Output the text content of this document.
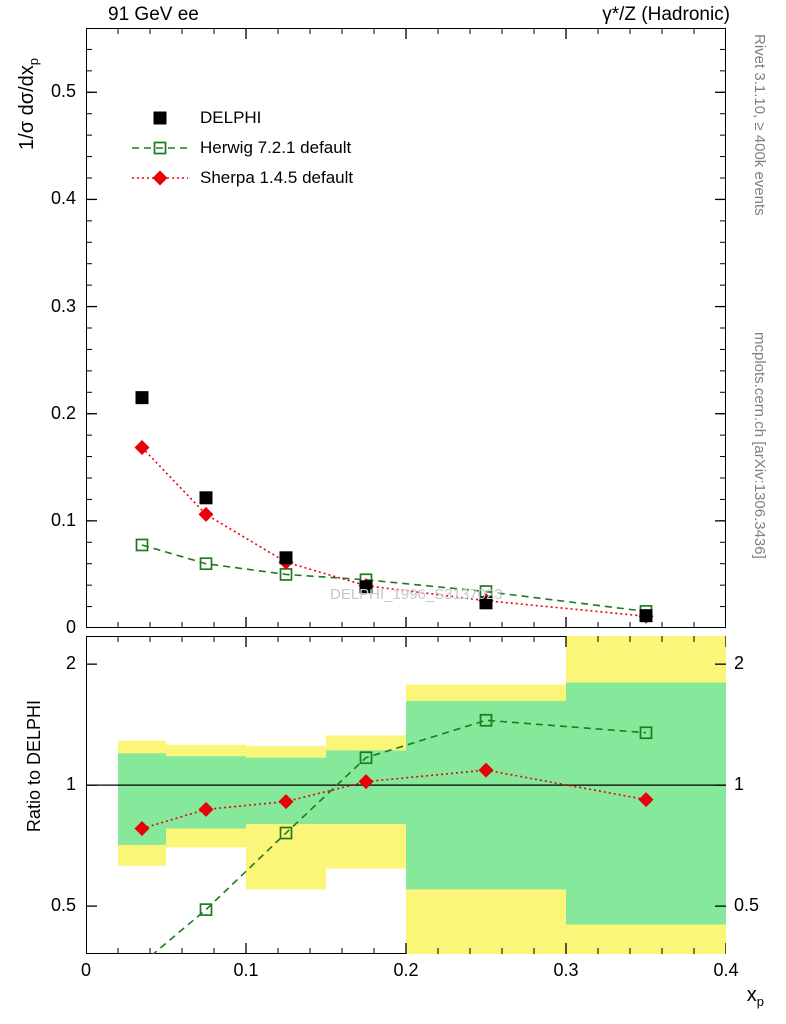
91 GeV ee	γ*/Z (Hadronic)
Rivet 3.1.10, ≥ 400k events
mcplots.cern.ch [arXiv:1306.3436]
1/σ $d\sigma/dx_p$
Ratio to DELPHI
$x_p$
DELPHI
Herwig 7.2.1 default
Sherpa 1.4.5 default
DELPHI_1996_S3137023
0
0.1
0.2
0.3
0.4
0.5
0.5
1
2
0.5
1
2
0	0.1	0.2	0.3	0.4
